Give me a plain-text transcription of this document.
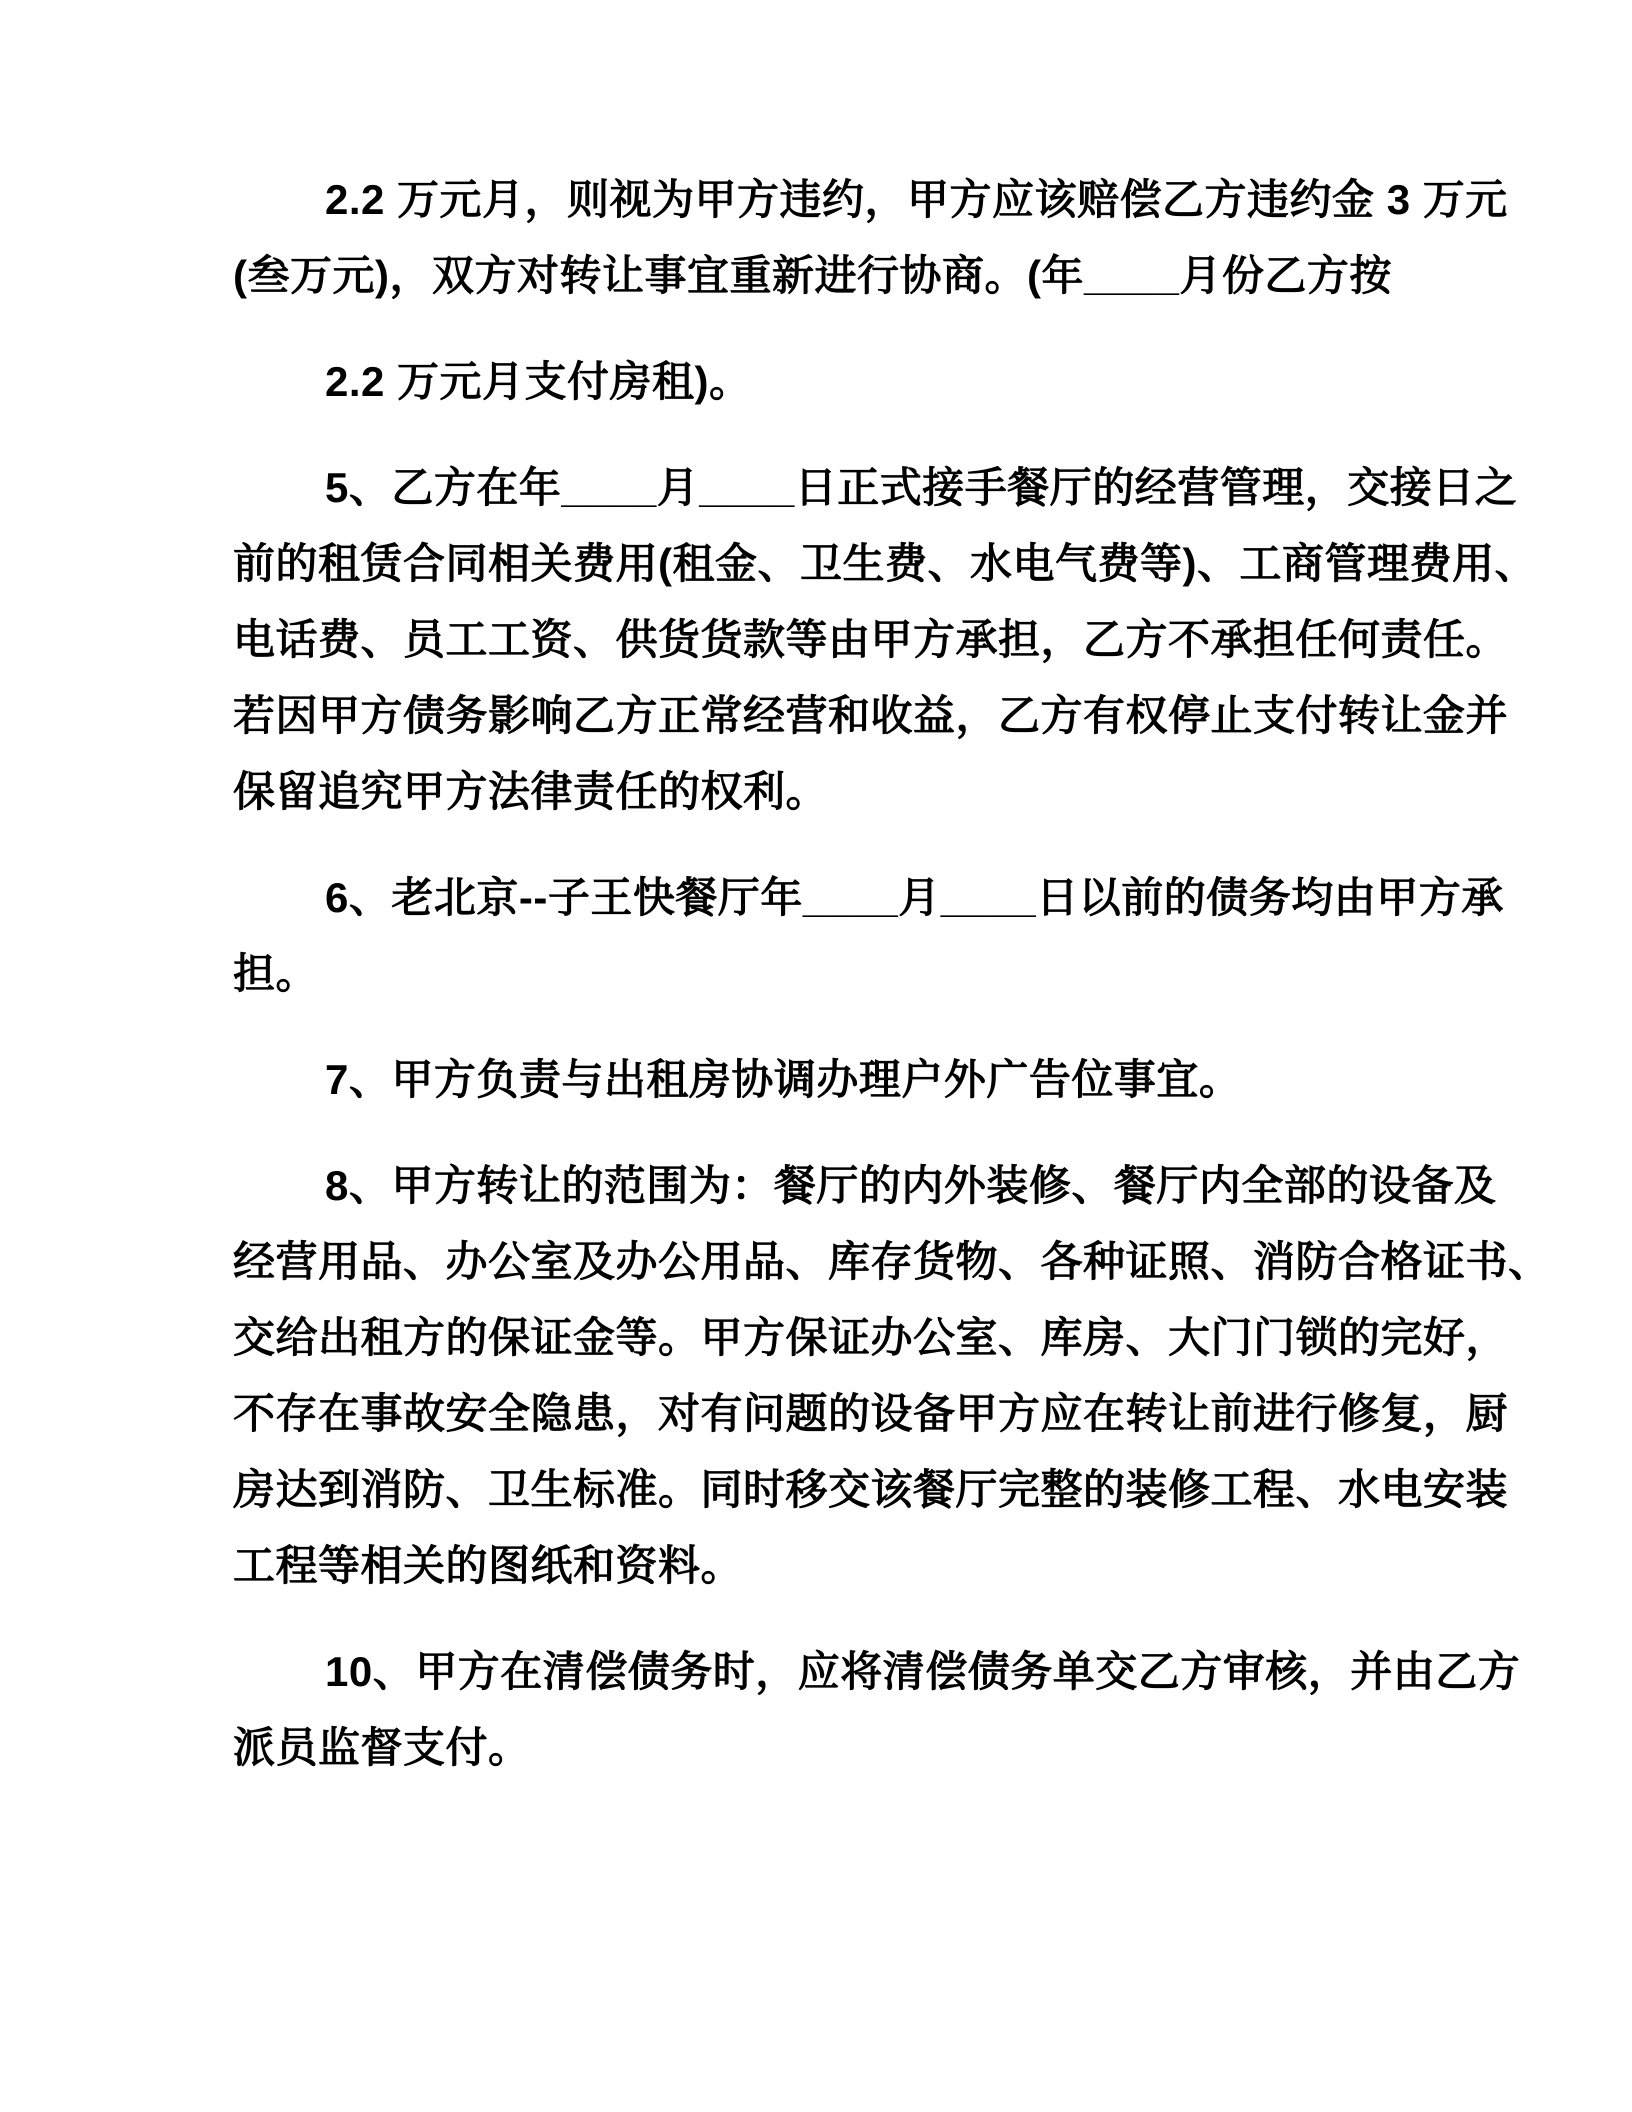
2.2 万元月，则视为甲方违约，甲方应该赔偿乙方违约金 3 万元
(叁万元)，双方对转让事宜重新进行协商。(年____月份乙方按
2.2 万元月支付房租)。
5、乙方在年____月____日正式接手餐厅的经营管理，交接日之
前的租赁合同相关费用(租金、卫生费、水电气费等)、工商管理费用、
电话费、员工工资、供货货款等由甲方承担，乙方不承担任何责任。
若因甲方债务影响乙方正常经营和收益，乙方有权停止支付转让金并
保留追究甲方法律责任的权利。
6、老北京--子王快餐厅年____月____日以前的债务均由甲方承
担。
7、甲方负责与出租房协调办理户外广告位事宜。
8、甲方转让的范围为：餐厅的内外装修、餐厅内全部的设备及
经营用品、办公室及办公用品、库存货物、各种证照、消防合格证书、
交给出租方的保证金等。甲方保证办公室、库房、大门门锁的完好，
不存在事故安全隐患，对有问题的设备甲方应在转让前进行修复，厨
房达到消防、卫生标准。同时移交该餐厅完整的装修工程、水电安装
工程等相关的图纸和资料。
10、甲方在清偿债务时，应将清偿债务单交乙方审核，并由乙方
派员监督支付。
